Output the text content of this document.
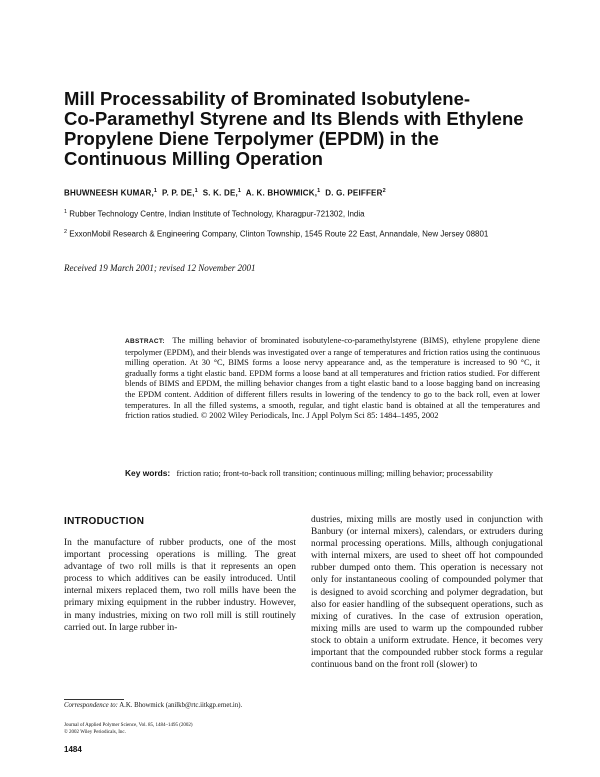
Mill Processability of Brominated Isobutylene-
Co-Paramethyl Styrene and Its Blends with Ethylene
Propylene Diene Terpolymer (EPDM) in the
Continuous Milling Operation
BHUWNEESH KUMAR,$^1$ P. P. DE,$^1$ S. K. DE,$^1$ A. K. BHOWMICK,$^1$ D. G. PEIFFER$^2$
$^1$ Rubber Technology Centre, Indian Institute of Technology, Kharagpur-721302, India
$^2$ ExxonMobil Research & Engineering Company, Clinton Township, 1545 Route 22 East, Annandale, New Jersey 08801
Received 19 March 2001; revised 12 November 2001

ABSTRACT: The milling behavior of brominated isobutylene-co-paramethylstyrene (BIMS), ethylene propylene diene terpolymer (EPDM), and their blends was investigated over a range of temperatures and friction ratios using the continuous milling operation. At 30 °C, BIMS forms a loose nervy appearance and, as the temperature is increased to 90 °C, it gradually forms a tight elastic band. EPDM forms a loose band at all temperatures and friction ratios studied. For different blends of BIMS and EPDM, the milling behavior changes from a tight elastic band to a loose bagging band on increasing the EPDM content. Addition of different fillers results in lowering of the tendency to go to the back roll, even at lower temperatures. In all the filled systems, a smooth, regular, and tight elastic band is obtained at all the temperatures and friction ratios studied. © 2002 Wiley Periodicals, Inc. J Appl Polym Sci 85: 1484–1495, 2002

Key words: friction ratio; front-to-back roll transition; continuous milling; milling behavior; processability

INTRODUCTION

In the manufacture of rubber products, one of the most important processing operations is milling. The great advantage of two roll mills is that it represents an open process to which additives can be easily introduced. Until internal mixers replaced them, two roll mills have been the primary mixing equipment in the rubber industry. However, in many industries, mixing on two roll mill is still routinely carried out. In large rubber in-

dustries, mixing mills are mostly used in conjunction with Banbury (or internal mixers), calendars, or extruders during normal processing operations. Mills, although conjugational with internal mixers, are used to sheet off hot compounded rubber dumped onto them. This operation is necessary not only for instantaneous cooling of compounded polymer that is designed to avoid scorching and polymer degradation, but also for easier handling of the subsequent operations, such as mixing of curatives. In the case of extrusion operation, mixing mills are used to warm up the compounded rubber stock to obtain a uniform extrudate. Hence, it becomes very important that the compounded rubber stock forms a regular continuous band on the front roll (slower) to

Correspondence to: A.K. Bhowmick (anilkb@rtc.iitkgp.ernet.in).

Journal of Applied Polymer Science, Vol. 85, 1484–1495 (2002)
© 2002 Wiley Periodicals, Inc.
1484
